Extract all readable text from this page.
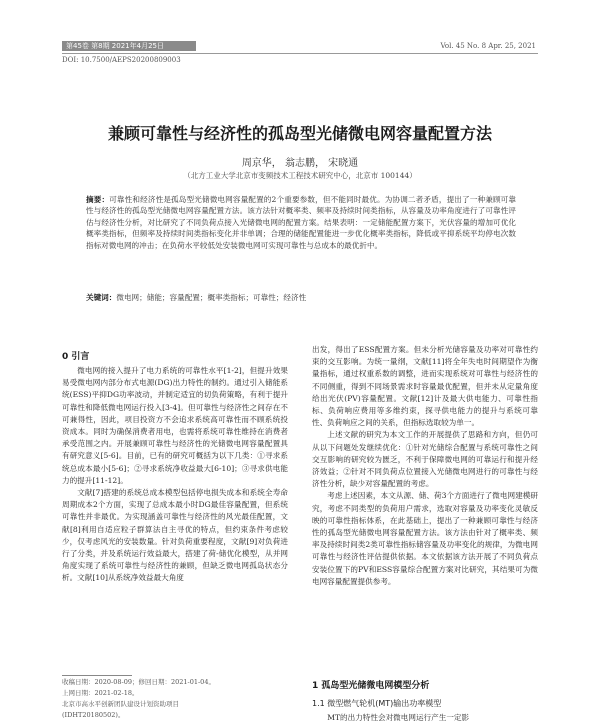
第45卷 第8期 2021年4月25日	Vol. 45 No. 8 Apr. 25, 2021
DOI: 10.7500/AEPS20200809003
兼顾可靠性与经济性的孤岛型光储微电网容量配置方法
周京华， 翁志鹏， 宋晓通
（北方工业大学北京市变频技术工程技术研究中心，北京市 100144）
摘要：可靠性和经济性是孤岛型光储微电网容量配置的2个重要参数，但不能同时最优。为协调二者矛盾，提出了一种兼顾可靠性与经济性的孤岛型光储微电网容量配置方法。该方法针对概率类、频率及持续时间类指标，从容量及功率角度进行了可靠性评估与经济性分析，对比研究了不同负荷点接入光储微电网的配置方案。结果表明：一定储能配置方案下，光伏容量的增加可优化概率类指标，但频率及持续时间类指标变化并非单调；合理的储能配置能进一步优化概率类指标，降低或平抑系统平均停电次数指标对微电网的冲击；在负荷水平较低处安装微电网可实现可靠性与总成本的最优折中。
关键词：微电网；储能；容量配置；概率类指标；可靠性；经济性
0 引言

微电网的接入提升了电力系统的可靠性水平[1-2]，但提升效果易受微电网内部分布式电源(DG)出力特性的制约。通过引入储能系统(ESS)平抑DG功率波动，并制定适宜的切负荷策略，有利于提升可靠性和降低微电网运行投入[3-4]。但可靠性与经济性之间存在不可兼得性，因此，项目投资方不会追求系统高可靠性而不顾系统投资成本。同时为确保消费者用电，也需将系统可靠性维持在消费者承受范围之内。开展兼顾可靠性与经济性的光储微电网容量配置具有研究意义[5-6]。目前，已有的研究可概括为以下几类：①寻求系统总成本最小[5-6]；②寻求系统净收益最大[6-10]；③寻求供电能力的提升[11-12]。

文献[7]搭建的系统总成本模型包括停电损失成本和系统全寿命周期成本2个方面，实现了总成本最小时DG最佳容量配置，但系统可靠性并非最优。为实现涵盖可靠性与经济性的风光最佳配置，文献[8]利用自适应粒子群算法自主寻优的特点，但约束条件考虑较少，仅考虑风光的安装数量。针对负荷重要程度，文献[9]对负荷进行了分类，并及系统运行效益最大，搭建了荷-储优化模型，从并网角度实现了系统可靠性与经济性的兼顾，但缺乏微电网孤岛状态分析。文献[10]从系统净效益最大角度

出发，得出了ESS配置方案。但未分析光储容量及功率对可靠性约束的交互影响。为统一量纲，文献[11]将全年失电时间期望作为衡量指标，通过权重系数的调整，进而实现系统对可靠性与经济性的不同侧重，得到不同场景需求时容量最优配置，但并未从定量角度给出光伏(PV)容量配置。文献[12]计及最大供电能力、可靠性指标、负荷响应费用等多维约束，探寻供电能力的提升与系统可靠性、负荷响应之间的关系，但指标选取较为单一。

上述文献的研究为本文工作的开展提供了思路和方向，但仍可从以下问题处发继续优化：①针对光储综合配置与系统可靠性之间交互影响的研究较为匮乏，不利于保障微电网的可靠运行和提升经济效益；②针对不同负荷点位置接入光储微电网进行的可靠性与经济性分析，缺少对容量配置的考虑。

考虑上述因素，本文从源、储、荷3个方面进行了微电网建模研究，考虑不同类型的负荷用户需求，选取对容量及功率变化灵敏反映的可靠性指标体系，在此基础上，提出了一种兼顾可靠性与经济性的孤岛型光储微电网容量配置方法。该方法由针对了概率类、频率及持续时间类2类可靠性指标储容量及功率变化的规律，为微电网可靠性与经济性评估提供依据。本文依据该方法开展了不同负荷点安装位置下的PV和ESS容量综合配置方案对比研究，其结果可为微电网容量配置提供参考。

1 孤岛型光储微电网模型分析
1.1 微型燃气轮机(MT)输出功率模型

MT的出力特性会对微电网运行产生一定影

收稿日期：2020-08-09；修回日期：2021-01-04。
上网日期：2021-02-18。
北京市高水平创新团队建设计划资助项目
(IDHT20180502)。
